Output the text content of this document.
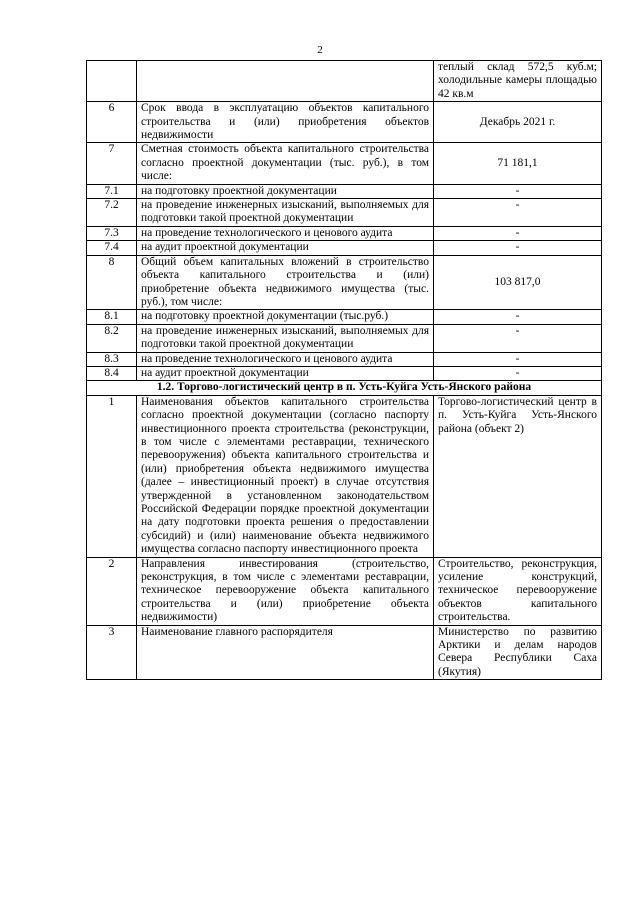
2
		теплый склад 572,5 куб.м; холодильные камеры площадью 42 кв.м
6	Срок ввода в эксплуатацию объектов капитального строительства и (или) приобретения объектов недвижимости	Декабрь 2021 г.
7	Сметная стоимость объекта капитального строительства согласно проектной документации (тыс. руб.), в том числе:	71 181,1
7.1	на подготовку проектной документации	-
7.2	на проведение инженерных изысканий, выполняемых для подготовки такой проектной документации	-
7.3	на проведение технологического и ценового аудита	-
7.4	на аудит проектной документации	-
8	Общий объем капитальных вложений в строительство объекта капитального строительства и (или) приобретение объекта недвижимого имущества (тыс. руб.), том числе:	103 817,0
8.1	на подготовку проектной документации (тыс.руб.)	-
8.2	на проведение инженерных изысканий, выполняемых для подготовки такой проектной документации	-
8.3	на проведение технологического и ценового аудита	-
8.4	на аудит проектной документации	-
1.2. Торгово-логистический центр в п. Усть-Куйга Усть-Янского района		
1	Наименования объектов капитального строительства согласно проектной документации (согласно паспорту инвестиционного проекта строительства (реконструкции, в том числе с элементами реставрации, технического перевооружения) объекта капитального строительства и (или) приобретения объекта недвижимого имущества (далее – инвестиционный проект) в случае отсутствия утвержденной в установленном законодательством Российской Федерации порядке проектной документации на дату подготовки проекта решения о предоставлении субсидий) и (или) наименование объекта недвижимого имущества согласно паспорту инвестиционного проекта	Торгово-логистический центр в п. Усть-Куйга Усть-Янского района (объект 2)
2	Направления инвестирования (строительство, реконструкция, в том числе с элементами реставрации, техническое перевооружение объекта капитального строительства и (или) приобретение объекта недвижимости)	Строительство, реконструкция, усиление конструкций, техническое перевооружение объектов капитального строительства.
3	Наименование главного распорядителя	Министерство по развитию Арктики и делам народов Севера Республики Саха (Якутия)
